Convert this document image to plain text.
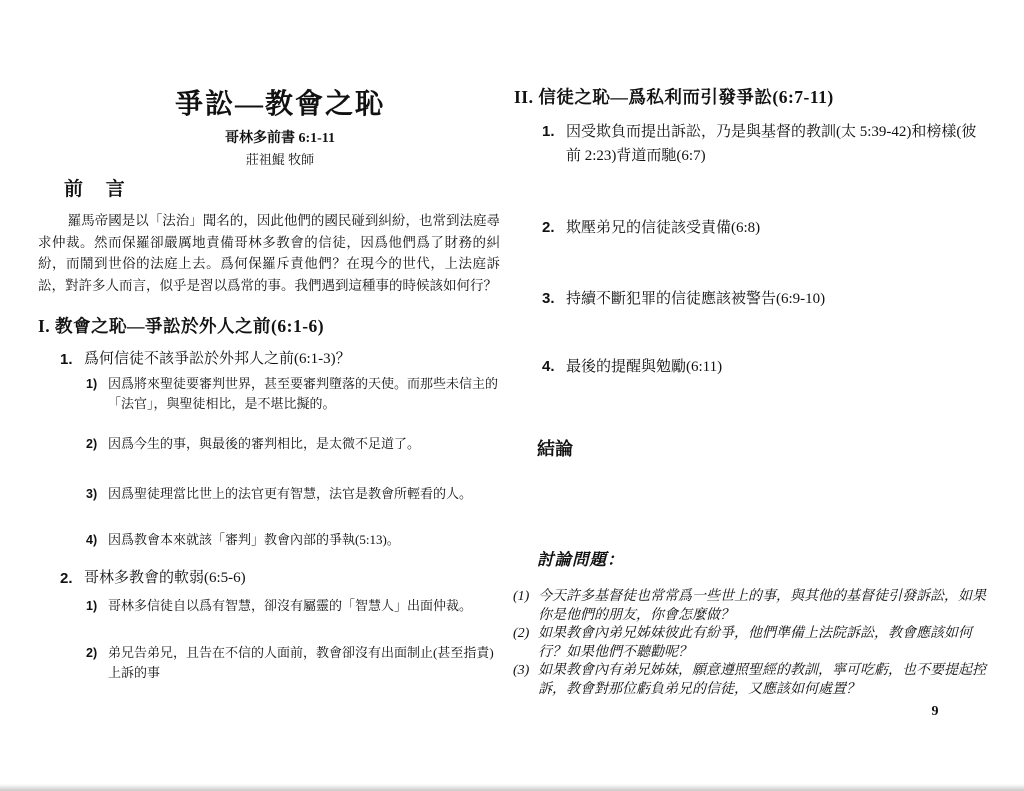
爭訟—教會之恥
哥林多前書 6:1-11
莊祖鯤 牧師
前 言

羅馬帝國是以「法治」聞名的，因此他們的國民碰到糾紛，也常到法庭尋求仲裁。然而保羅卻嚴厲地責備哥林多教會的信徒，因爲他們爲了財務的糾紛，而鬧到世俗的法庭上去。爲何保羅斥責他們？在現今的世代，上法庭訴訟，對許多人而言，似乎是習以爲常的事。我們遇到這種事的時候該如何行？

I. 教會之恥—爭訟於外人之前(6:1-6)
1. 爲何信徒不該爭訟於外邦人之前(6:1-3)？
1) 因爲將來聖徒要審判世界，甚至要審判墮落的天使。而那些未信主的「法官」，與聖徒相比，是不堪比擬的。
2) 因爲今生的事，與最後的審判相比，是太微不足道了。
3) 因爲聖徒理當比世上的法官更有智慧，法官是教會所輕看的人。
4) 因爲教會本來就該「審判」教會內部的爭執(5:13)。
2. 哥林多教會的軟弱(6:5-6)
1) 哥林多信徒自以爲有智慧，卻沒有屬靈的「智慧人」出面仲裁。
2) 弟兄告弟兄，且告在不信的人面前，教會卻沒有出面制止(甚至指責)上訴的事
II. 信徒之恥—爲私利而引發爭訟(6:7-11)
1. 因受欺負而提出訴訟，乃是與基督的教訓(太 5:39-42)和榜樣(彼前 2:23)背道而馳(6:7)
2. 欺壓弟兄的信徒該受責備(6:8)
3. 持續不斷犯罪的信徒應該被警告(6:9-10)
4. 最後的提醒與勉勵(6:11)
結論
討論問題：
(1) 今天許多基督徒也常常爲一些世上的事，與其他的基督徒引發訴訟，如果你是他們的朋友，你會怎麼做？
(2) 如果教會內弟兄姊妹彼此有紛爭，他們準備上法院訴訟，教會應該如何行？如果他們不聽勸呢？
(3) 如果教會內有弟兄姊妹，願意遵照聖經的教訓，寧可吃虧，也不要提起控訴，教會對那位虧負弟兄的信徒，又應該如何處置？
9
